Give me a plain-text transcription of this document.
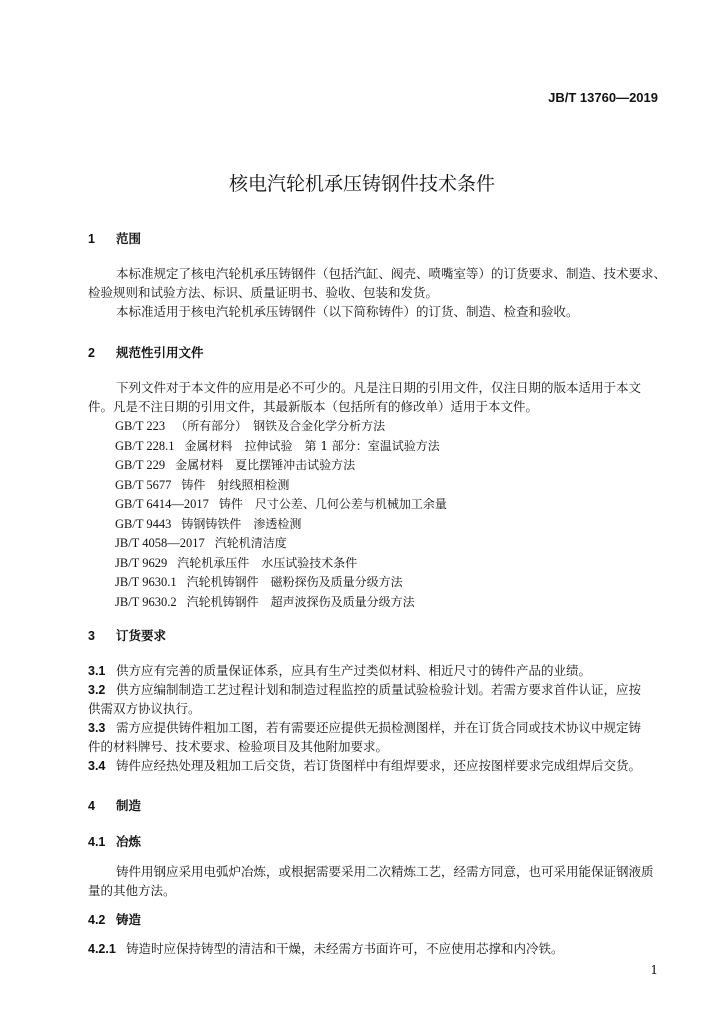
JB/T 13760—2019
核电汽轮机承压铸钢件技术条件
1 范围
本标准规定了核电汽轮机承压铸钢件（包括汽缸、阀壳、喷嘴室等）的订货要求、制造、技术要求、
检验规则和试验方法、标识、质量证明书、验收、包装和发货。
本标准适用于核电汽轮机承压铸钢件（以下简称铸件）的订货、制造、检查和验收。
2 规范性引用文件
下列文件对于本文件的应用是必不可少的。凡是注日期的引用文件，仅注日期的版本适用于本文
件。凡是不注日期的引用文件，其最新版本（包括所有的修改单）适用于本文件。
GB/T 223 （所有部分）　钢铁及合金化学分析方法
GB/T 228.1 金属材料　拉伸试验　第 1 部分：室温试验方法
GB/T 229 金属材料　夏比摆锤冲击试验方法
GB/T 5677 铸件　射线照相检测
GB/T 6414—2017 铸件　尺寸公差、几何公差与机械加工余量
GB/T 9443 铸钢铸铁件　渗透检测
JB/T 4058—2017 汽轮机清洁度
JB/T 9629 汽轮机承压件　水压试验技术条件
JB/T 9630.1 汽轮机铸钢件　磁粉探伤及质量分级方法
JB/T 9630.2 汽轮机铸钢件　超声波探伤及质量分级方法
3 订货要求
3.1 供方应有完善的质量保证体系，应具有生产过类似材料、相近尺寸的铸件产品的业绩。
3.2 供方应编制制造工艺过程计划和制造过程监控的质量试验检验计划。若需方要求首件认证，应按
供需双方协议执行。
3.3 需方应提供铸件粗加工图，若有需要还应提供无损检测图样，并在订货合同或技术协议中规定铸
件的材料牌号、技术要求、检验项目及其他附加要求。
3.4 铸件应经热处理及粗加工后交货，若订货图样中有组焊要求，还应按图样要求完成组焊后交货。
4 制造
4.1 冶炼
铸件用钢应采用电弧炉冶炼，或根据需要采用二次精炼工艺，经需方同意，也可采用能保证钢液质
量的其他方法。
4.2 铸造
4.2.1 铸造时应保持铸型的清洁和干燥，未经需方书面许可，不应使用芯撑和内冷铁。
1
